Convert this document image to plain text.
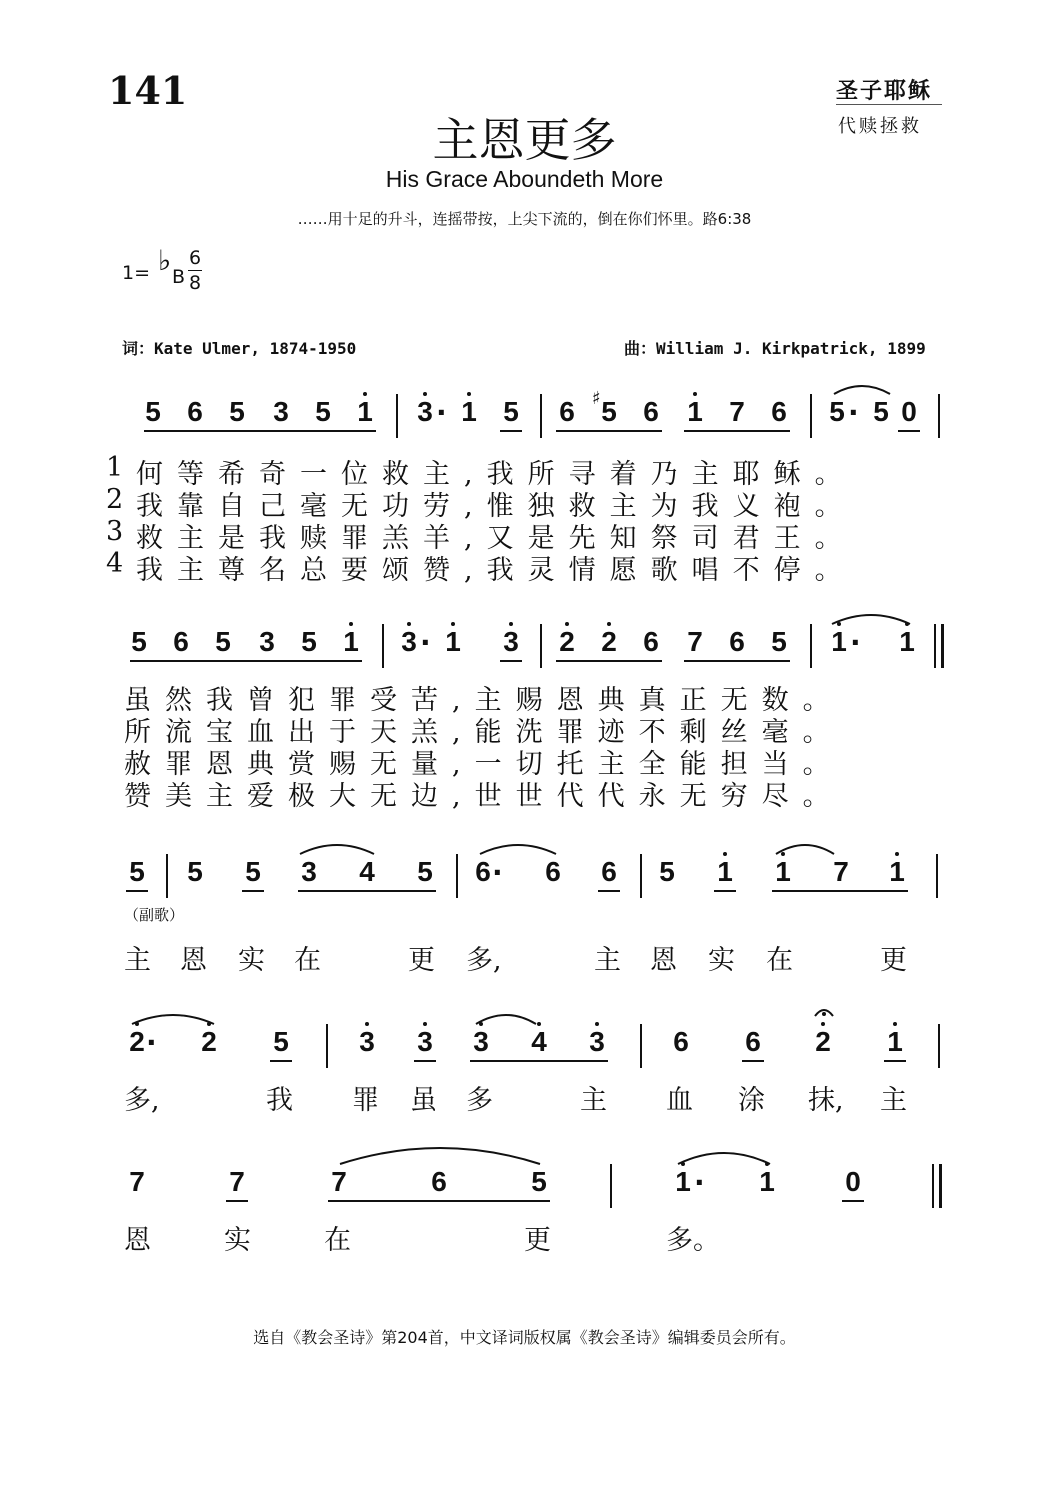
141	圣子耶稣
代赎拯救
主恩更多
His Grace Aboundeth More
……用十足的升斗，连摇带按，上尖下流的，倒在你们怀里。路6:38
1= ♭ B
6
8
词：Kate Ulmer, 1874-1950	曲：William J. Kirkpatrick, 1899
5 6 5 3 5 1 3 · 1 5 6 ♯ 5 6 1 7 6 5 · 5 0
1 何等希奇一位救主,我所寻着乃主耶稣。
2 我靠自己毫无功劳,惟独救主为我义袍。
3 救主是我赎罪羔羊,又是先知祭司君王。
4 我主尊名总要颂赞,我灵情愿歌唱不停。
5 6 5 3 5 1 3 · 1 3 2 2 6 7 6 5 1 · 1
虽然我曾犯罪受苦,主赐恩典真正无数。
所流宝血出于天羔,能洗罪迹不剩丝毫。
赦罪恩典赏赐无量,一切托主全能担当。
赞美主爱极大无边,世世代代永无穷尽。
5 5 5 3 4 5 6 · 6 6 5 1 1 7 1
（副歌）
主 恩 实 在	更 多,	主 恩 实 在	更
2 · 2 5	3 3 3 4 3 6 6 2 1
多,	我 罪 虽 多	主 血 涂 抹, 主
7	7	7	6	5	1 · 1	0
恩	实	在	更	多。
选自《教会圣诗》第204首，中文译词版权属《教会圣诗》编辑委员会所有。
